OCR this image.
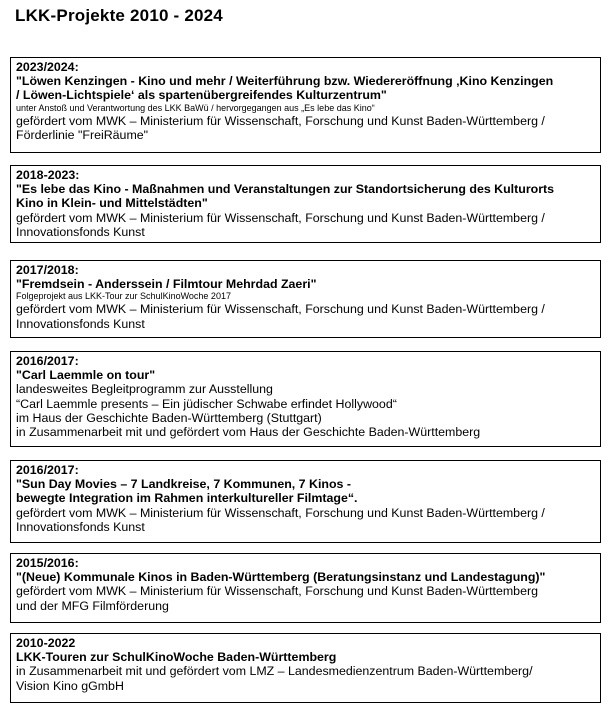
LKK-Projekte 2010 - 2024

2023/2024:

"Löwen Kenzingen - Kino und mehr / Weiterführung bzw. Wiedereröffnung ‚Kino Kenzingen

/ Löwen-Lichtspiele‘ als spartenübergreifendes Kulturzentrum"

unter Anstoß und Verantwortung des LKK BaWü / hervorgegangen aus „Es lebe das Kino“

gefördert vom MWK – Ministerium für Wissenschaft, Forschung und Kunst Baden-Württemberg /

Förderlinie "FreiRäume"

2018-2023:

"Es lebe das Kino - Maßnahmen und Veranstaltungen zur Standortsicherung des Kulturorts

Kino in Klein- und Mittelstädten"

gefördert vom MWK – Ministerium für Wissenschaft, Forschung und Kunst Baden-Württemberg /

Innovationsfonds Kunst

2017/2018:

"Fremdsein - Anderssein / Filmtour Mehrdad Zaeri"

Folgeprojekt aus LKK-Tour zur SchulKinoWoche 2017

gefördert vom MWK – Ministerium für Wissenschaft, Forschung und Kunst Baden-Württemberg /

Innovationsfonds Kunst

2016/2017:

"Carl Laemmle on tour"

landesweites Begleitprogramm zur Ausstellung

“Carl Laemmle presents – Ein jüdischer Schwabe erfindet Hollywood“

im Haus der Geschichte Baden-Württemberg (Stuttgart)

in Zusammenarbeit mit und gefördert vom Haus der Geschichte Baden-Württemberg

2016/2017:

"Sun Day Movies – 7 Landkreise, 7 Kommunen, 7 Kinos -

bewegte Integration im Rahmen interkultureller Filmtage“.

gefördert vom MWK – Ministerium für Wissenschaft, Forschung und Kunst Baden-Württemberg /

Innovationsfonds Kunst

2015/2016:

"(Neue) Kommunale Kinos in Baden-Württemberg (Beratungsinstanz und Landestagung)"

gefördert vom MWK – Ministerium für Wissenschaft, Forschung und Kunst Baden-Württemberg

und der MFG Filmförderung

2010-2022

LKK-Touren zur SchulKinoWoche Baden-Württemberg

in Zusammenarbeit mit und gefördert vom LMZ – Landesmedienzentrum Baden-Württemberg/

Vision Kino gGmbH
